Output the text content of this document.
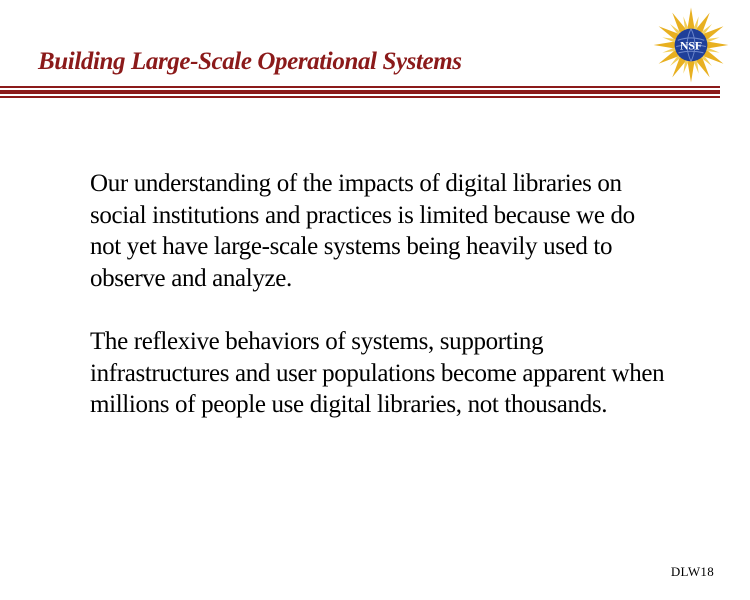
Building Large-Scale Operational Systems
NSF

Our understanding of the impacts of digital libraries on social institutions and practices is limited because we do not yet have large-scale systems being heavily used to observe and analyze.

The reflexive behaviors of systems, supporting infrastructures and user populations become apparent when millions of people use digital libraries, not thousands.

DLW18
